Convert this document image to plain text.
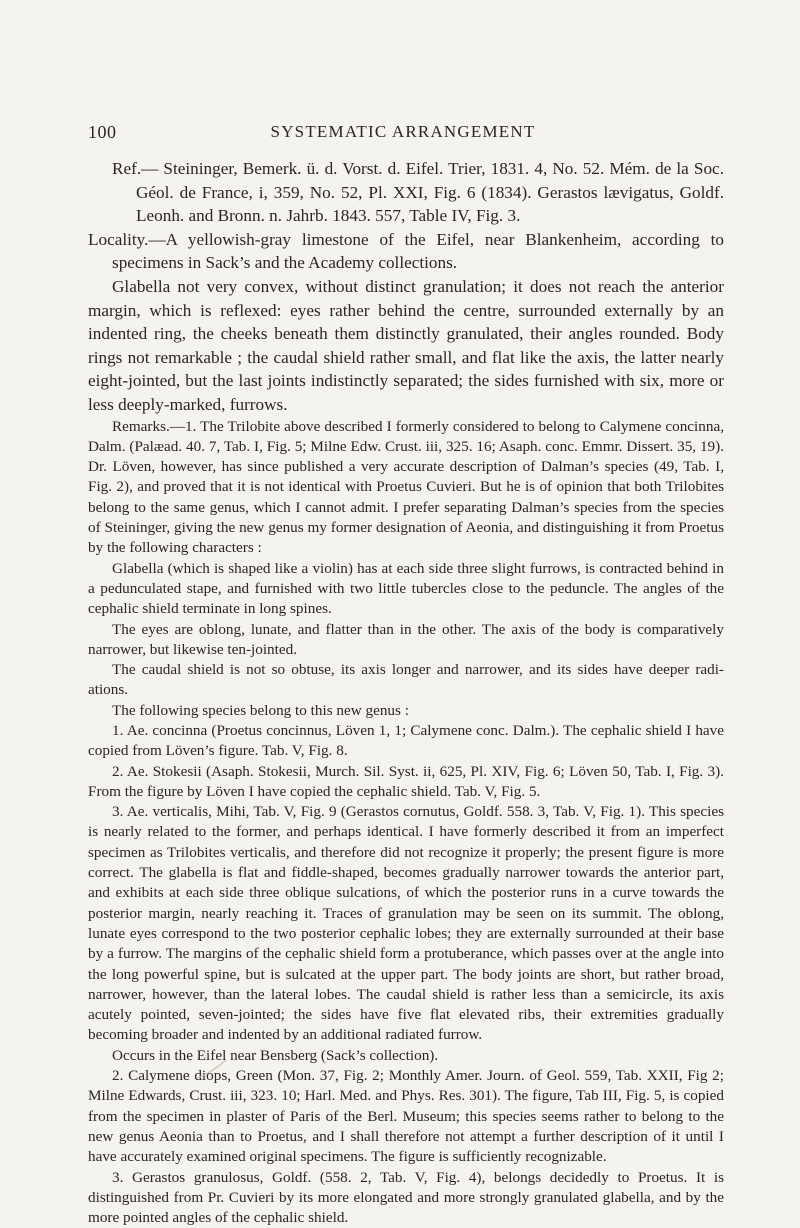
100	SYSTEMATIC ARRANGEMENT

Ref.— Steininger, Bemerk. ü. d. Vorst. d. Eifel. Trier, 1831. 4, No. 52. Mém. de la Soc. Géol. de France, i, 359, No. 52, Pl. XXI, Fig. 6 (1834). Gerastos lævigatus, Goldf. Leonh. and Bronn. n. Jahrb. 1843. 557, Table IV, Fig. 3.

Locality.—A yellowish-gray limestone of the Eifel, near Blankenheim, according to specimens in Sack’s and the Academy collections.

Glabella not very convex, without distinct granulation; it does not reach the anterior margin, which is reflexed: eyes rather behind the centre, surrounded externally by an indented ring, the cheeks beneath them distinctly granulated, their angles rounded. Body rings not remarkable ; the caudal shield rather small, and flat like the axis, the latter nearly eight-jointed, but the last joints indistinctly separated; the sides furnished with six, more or less deeply-marked, furrows.

Remarks.—1. The Trilobite above described I formerly considered to belong to Calymene concinna, Dalm. (Palæad. 40. 7, Tab. I, Fig. 5; Milne Edw. Crust. iii, 325. 16; Asaph. conc. Emmr. Dissert. 35, 19). Dr. Löven, however, has since published a very accurate description of Dalman’s species (49, Tab. I, Fig. 2), and proved that it is not identical with Proetus Cuvieri. But he is of opinion that both Trilobites belong to the same genus, which I cannot admit. I prefer separating Dalman’s species from the species of Steininger, giving the new genus my former designation of Aeonia, and distinguishing it from Proetus by the following characters :

Glabella (which is shaped like a violin) has at each side three slight furrows, is contracted behind in a pedunculated stape, and furnished with two little tubercles close to the peduncle. The angles of the cephalic shield terminate in long spines.

The eyes are oblong, lunate, and flatter than in the other. The axis of the body is comparatively narrower, but likewise ten-jointed.

The caudal shield is not so obtuse, its axis longer and narrower, and its sides have deeper radi-ations.

The following species belong to this new genus :

1. Ae. concinna (Proetus concinnus, Löven 1, 1; Calymene conc. Dalm.). The cephalic shield I have copied from Löven’s figure. Tab. V, Fig. 8.

2. Ae. Stokesii (Asaph. Stokesii, Murch. Sil. Syst. ii, 625, Pl. XIV, Fig. 6; Löven 50, Tab. I, Fig. 3). From the figure by Löven I have copied the cephalic shield. Tab. V, Fig. 5.

3. Ae. verticalis, Mihi, Tab. V, Fig. 9 (Gerastos cornutus, Goldf. 558. 3, Tab. V, Fig. 1). This species is nearly related to the former, and perhaps identical. I have formerly described it from an imperfect specimen as Trilobites verticalis, and therefore did not recognize it properly; the present figure is more correct. The glabella is flat and fiddle-shaped, becomes gradually narrower towards the anterior part, and exhibits at each side three oblique sulcations, of which the posterior runs in a curve towards the posterior margin, nearly reaching it. Traces of granulation may be seen on its summit. The oblong, lunate eyes correspond to the two posterior cephalic lobes; they are externally surrounded at their base by a furrow. The margins of the cephalic shield form a protuberance, which passes over at the angle into the long powerful spine, but is sulcated at the upper part. The body joints are short, but rather broad, narrower, however, than the lateral lobes. The caudal shield is rather less than a semicircle, its axis acutely pointed, seven-jointed; the sides have five flat elevated ribs, their extremities gradually becoming broader and indented by an additional radiated furrow.

Occurs in the Eifel near Bensberg (Sack’s collection).

2. Calymene diops, Green (Mon. 37, Fig. 2; Monthly Amer. Journ. of Geol. 559, Tab. XXII, Fig 2; Milne Edwards, Crust. iii, 323. 10; Harl. Med. and Phys. Res. 301). The figure, Tab III, Fig. 5, is copied from the specimen in plaster of Paris of the Berl. Museum; this species seems rather to belong to the new genus Aeonia than to Proetus, and I shall therefore not attempt a further description of it until I have accurately examined original specimens. The figure is sufficiently recognizable.

3. Gerastos granulosus, Goldf. (558. 2, Tab. V, Fig. 4), belongs decidedly to Proetus. It is distinguished from Pr. Cuvieri by its more elongated and more strongly granulated glabella, and by the more pointed angles of the cephalic shield.
